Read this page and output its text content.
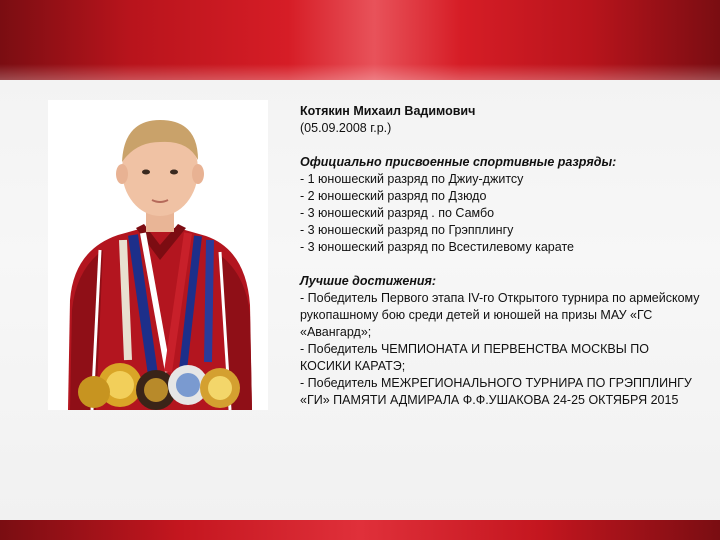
Котякин Михаил Вадимович
(05.09.2008 г.р.)
Официально присвоенные спортивные разряды:
- 1 юношеский разряд по Джиу-джитсу
- 2 юношеский разряд по Дзюдо
- 3 юношеский разряд . по Самбо
- 3 юношеский разряд по Грэпплингу
- 3 юношеский разряд по Всестилевому карате
Лучшие достижения:
- Победитель Первого этапа IV-го Открытого турнира по армейскому рукопашному бою среди детей и юношей на призы МАУ «ГС «Авангард»;
- Победитель ЧЕМПИОНАТА И ПЕРВЕНСТВА МОСКВЫ ПО КОСИКИ КАРАТЭ;
- Победитель МЕЖРЕГИОНАЛЬНОГО ТУРНИРА ПО ГРЭППЛИНГУ «ГИ» ПАМЯТИ АДМИРАЛА Ф.Ф.УШАКОВА 24-25 ОКТЯБРЯ 2015
